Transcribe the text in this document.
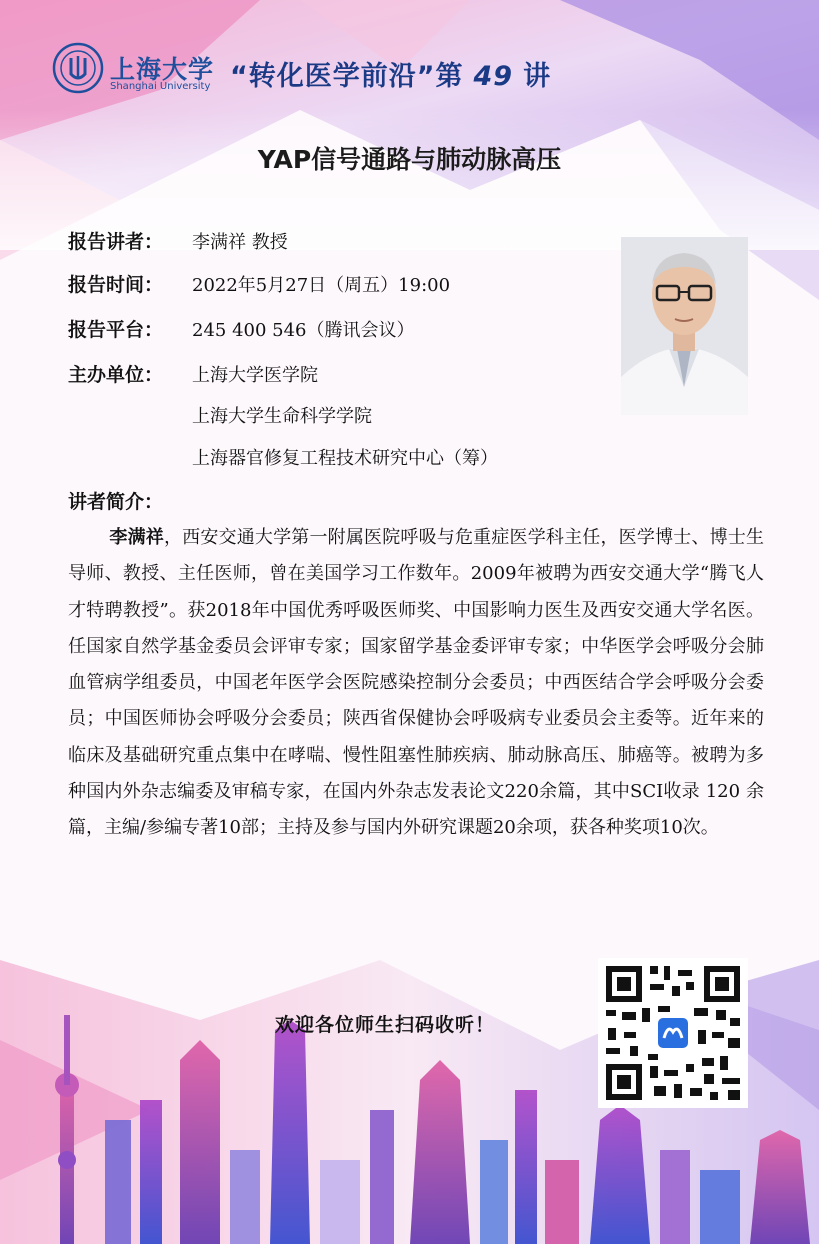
上海大学
Shanghai University “转化医学前沿”第 49 讲
YAP信号通路与肺动脉高压
报告讲者： 李满祥 教授
报告时间： 2022年5月27日（周五）19:00
报告平台： 245 400 546（腾讯会议）
主办单位： 上海大学医学院
上海大学生命科学学院
上海器官修复工程技术研究中心（筹）
讲者简介：

李满祥，西安交通大学第一附属医院呼吸与危重症医学科主任，医学博士、博士生导师、教授、主任医师，曾在美国学习工作数年。2009年被聘为西安交通大学“腾飞人才特聘教授”。获2018年中国优秀呼吸医师奖、中国影响力医生及西安交通大学名医。任国家自然学基金委员会评审专家；国家留学基金委评审专家；中华医学会呼吸分会肺血管病学组委员，中国老年医学会医院感染控制分会委员；中西医结合学会呼吸分会委员；中国医师协会呼吸分会委员；陕西省保健协会呼吸病专业委员会主委等。近年来的临床及基础研究重点集中在哮喘、慢性阻塞性肺疾病、肺动脉高压、肺癌等。被聘为多种国内外杂志编委及审稿专家，在国内外杂志发表论文220余篇，其中SCI收录 120 余篇，主编/参编专著10部；主持及参与国内外研究课题20余项，获各种奖项10次。

欢迎各位师生扫码收听！
